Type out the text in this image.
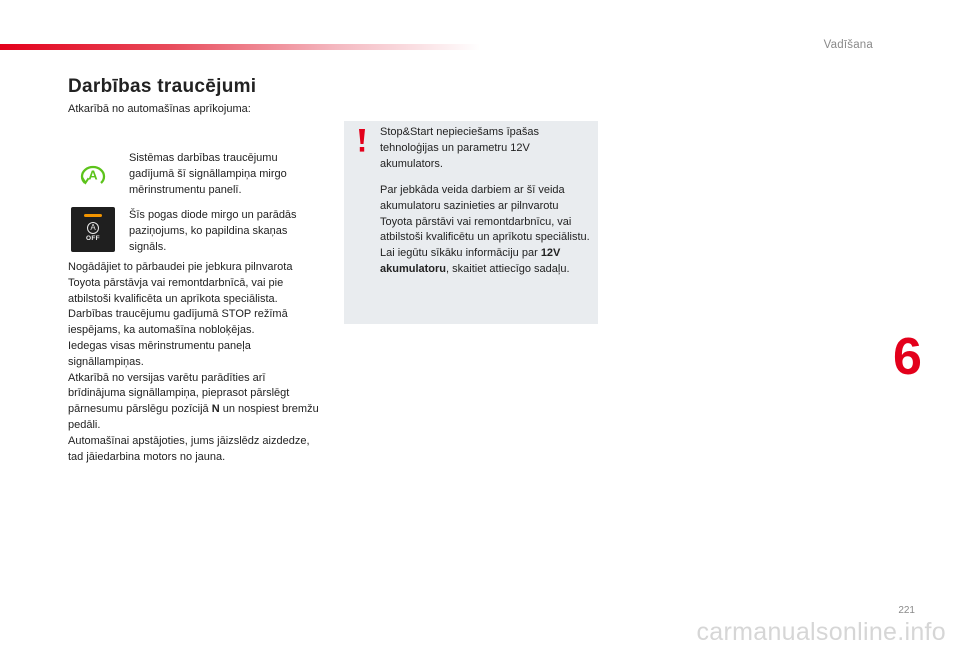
Vadīšana
Darbības traucējumi
Atkarībā no automašīnas aprīkojuma:
A
Sistēmas darbības traucējumu gadījumā šī signāllampiņa mirgo mērinstrumentu panelī.
A
OFF
Šīs pogas diode mirgo un parādās paziņojums, ko papildina skaņas signāls.
Nogādājiet to pārbaudei pie jebkura pilnvarota Toyota pārstāvja vai remontdarbnīcā, vai pie atbilstoši kvalificēta un aprīkota speciālista.
Darbības traucējumu gadījumā STOP režīmā iespējams, ka automašīna nobloķējas.
Iedegas visas mērinstrumentu paneļa signāllampiņas.
Atkarībā no versijas varētu parādīties arī brīdinājuma signāllampiņa, pieprasot pārslēgt pārnesumu pārslēgu pozīcijā N un nospiest bremžu pedāli.
Automašīnai apstājoties, jums jāizslēdz aizdedze, tad jāiedarbina motors no jauna.
Stop&Start nepieciešams īpašas tehnoloģijas un parametru 12V akumulators.
Par jebkāda veida darbiem ar šī veida akumulatoru sazinieties ar pilnvarotu Toyota pārstāvi vai remontdarbnīcu, vai atbilstoši kvalificētu un aprīkotu speciālistu.
Lai iegūtu sīkāku informāciju par 12V akumulatoru, skaitiet attiecīgo sadaļu.
6
221
carmanualsonline.info
